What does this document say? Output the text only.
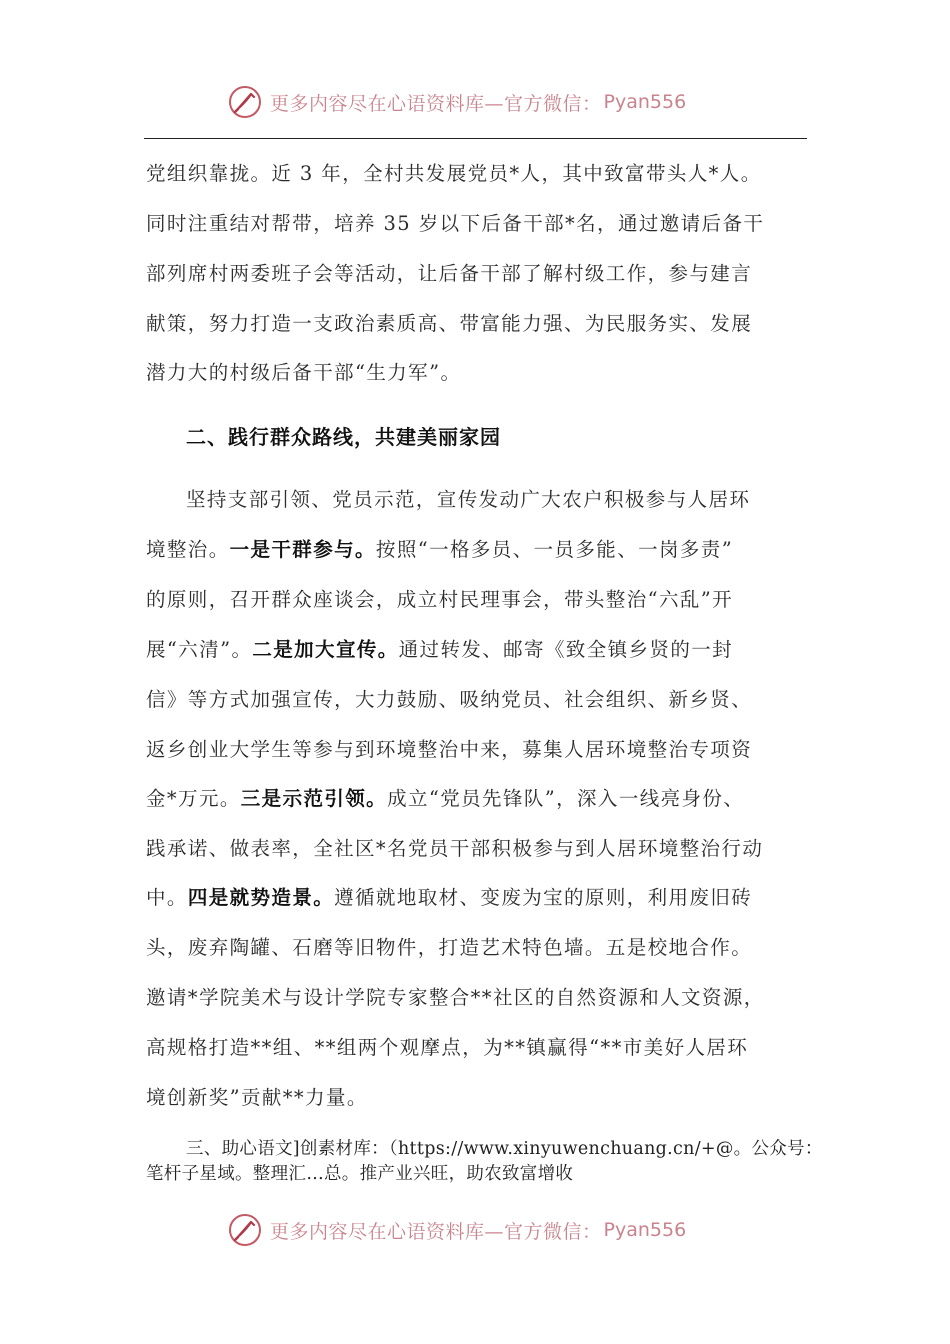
更多内容尽在心语资料库—官方微信： Pyan556
党组织靠拢。近 3 年，全村共发展党员*人，其中致富带头人*人。
同时注重结对帮带，培养 35 岁以下后备干部*名，通过邀请后备干
部列席村两委班子会等活动，让后备干部了解村级工作，参与建言
献策，努力打造一支政治素质高、带富能力强、为民服务实、发展
潜力大的村级后备干部“生力军”。
二、践行群众路线，共建美丽家园
坚持支部引领、党员示范，宣传发动广大农户积极参与人居环
境整治。一是干群参与。按照“一格多员、一员多能、一岗多责”
的原则，召开群众座谈会，成立村民理事会，带头整治“六乱”开
展“六清”。二是加大宣传。通过转发、邮寄《致全镇乡贤的一封
信》等方式加强宣传，大力鼓励、吸纳党员、社会组织、新乡贤、
返乡创业大学生等参与到环境整治中来，募集人居环境整治专项资
金*万元。三是示范引领。成立“党员先锋队”，深入一线亮身份、
践承诺、做表率，全社区*名党员干部积极参与到人居环境整治行动
中。四是就势造景。遵循就地取材、变废为宝的原则，利用废旧砖
头，废弃陶罐、石磨等旧物件，打造艺术特色墙。五是校地合作。
邀请*学院美术与设计学院专家整合**社区的自然资源和人文资源，
高规格打造**组、**组两个观摩点，为**镇赢得“**市美好人居环
境创新奖”贡献**力量。
三、助心语文]创素材库：（https://www.xinyuwenchuang.cn/+@。公众号：
笔杆子星域。整理汇…总。推产业兴旺，助农致富增收
更多内容尽在心语资料库—官方微信： Pyan556
